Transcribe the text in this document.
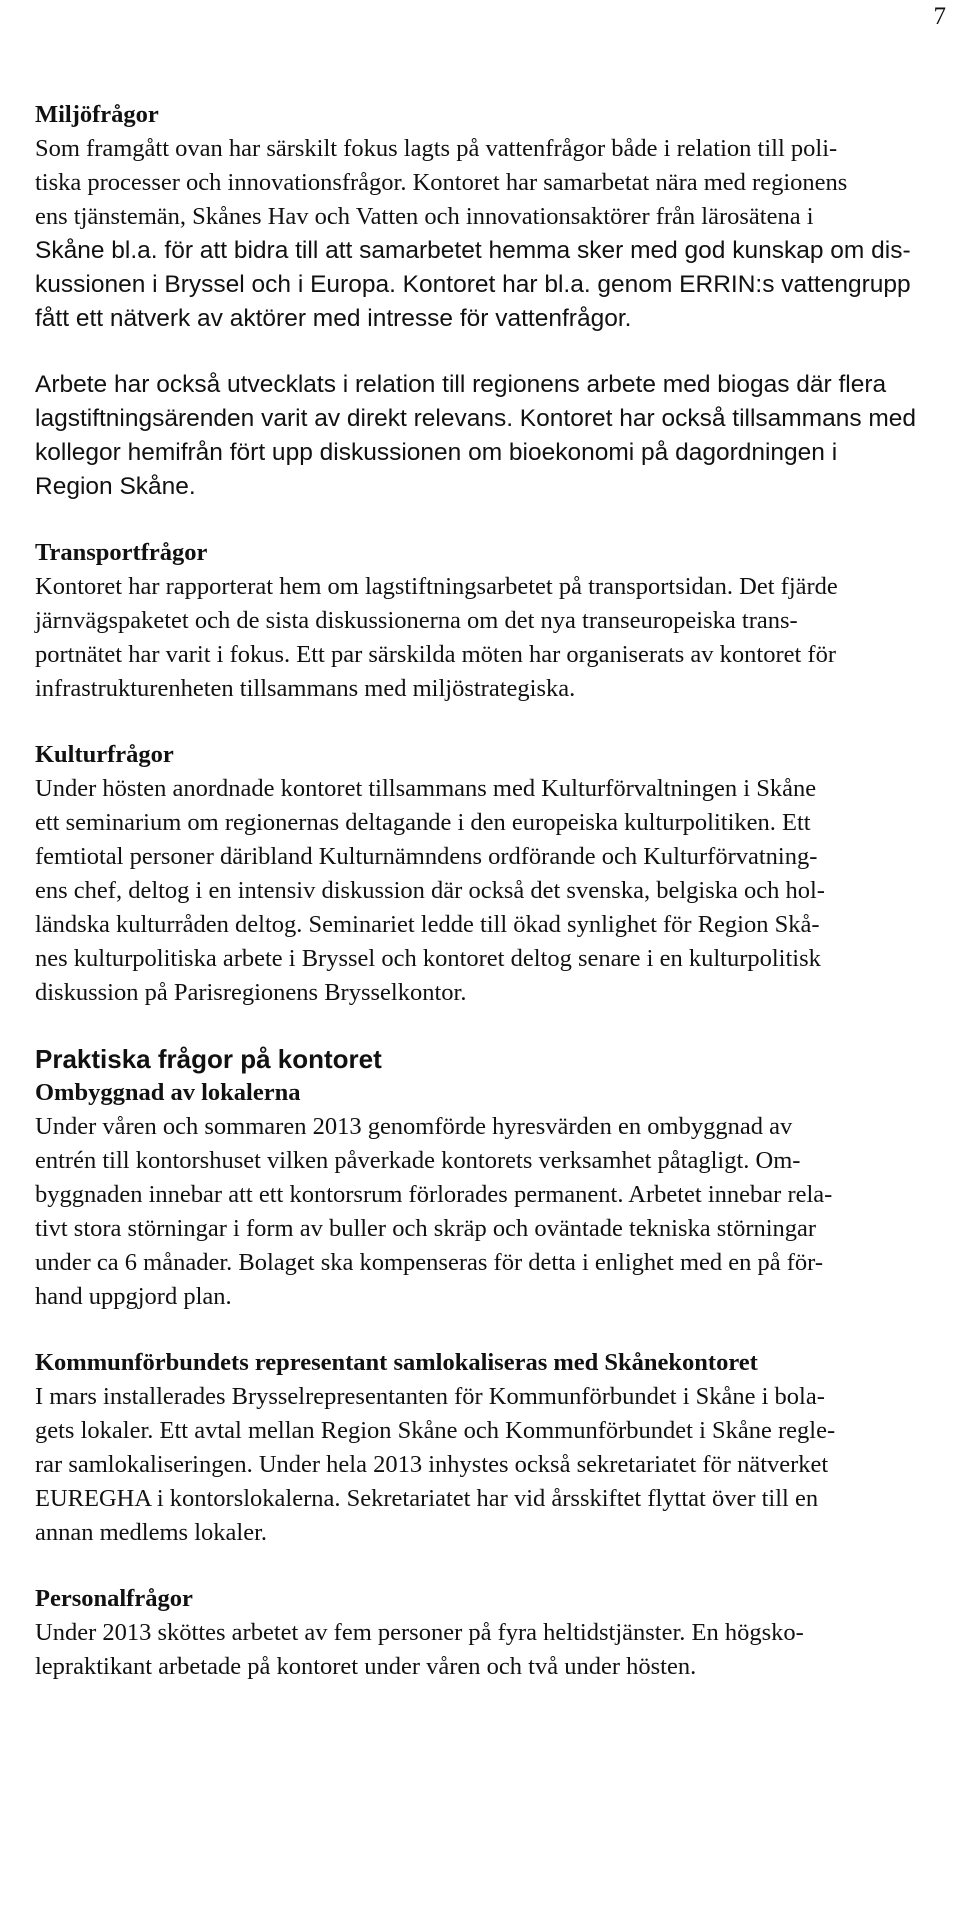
7
Miljöfrågor
Som framgått ovan har särskilt fokus lagts på vattenfrågor både i relation till poli-
tiska processer och innovationsfrågor. Kontoret har samarbetat nära med regionens
ens tjänstemän, Skånes Hav och Vatten och innovationsaktörer från lärosätena i
Skåne bl.a. för att bidra till att samarbetet hemma sker med god kunskap om dis-
kussionen i Bryssel och i Europa. Kontoret har bl.a. genom ERRIN:s vattengrupp
fått ett nätverk av aktörer med intresse för vattenfrågor.
Arbete har också utvecklats i relation till regionens arbete med biogas där flera
lagstiftningsärenden varit av direkt relevans. Kontoret har också tillsammans med
kollegor hemifrån fört upp diskussionen om bioekonomi på dagordningen i
Region Skåne.
Transportfrågor
Kontoret har rapporterat hem om lagstiftningsarbetet på transportsidan. Det fjärde
järnvägspaketet och de sista diskussionerna om det nya transeuropeiska trans-
portnätet har varit i fokus. Ett par särskilda möten har organiserats av kontoret för
infrastrukturenheten tillsammans med miljöstrategiska.
Kulturfrågor
Under hösten anordnade kontoret tillsammans med Kulturförvaltningen i Skåne
ett seminarium om regionernas deltagande i den europeiska kulturpolitiken. Ett
femtiotal personer däribland Kulturnämndens ordförande och Kulturförvatning-
ens chef, deltog i en intensiv diskussion där också det svenska, belgiska och hol-
ländska kulturråden deltog. Seminariet ledde till ökad synlighet för Region Skå-
nes kulturpolitiska arbete i Bryssel och kontoret deltog senare i en kulturpolitisk
diskussion på Parisregionens Brysselkontor.
Praktiska frågor på kontoret
Ombyggnad av lokalerna
Under våren och sommaren 2013 genomförde hyresvärden en ombyggnad av
entrén till kontorshuset vilken påverkade kontorets verksamhet påtagligt. Om-
byggnaden innebar att ett kontorsrum förlorades permanent. Arbetet innebar rela-
tivt stora störningar i form av buller och skräp och oväntade tekniska störningar
under ca 6 månader. Bolaget ska kompenseras för detta i enlighet med en på för-
hand uppgjord plan.
Kommunförbundets representant samlokaliseras med Skånekontoret
I mars installerades Brysselrepresentanten för Kommunförbundet i Skåne i bola-
gets lokaler. Ett avtal mellan Region Skåne och Kommunförbundet i Skåne regle-
rar samlokaliseringen. Under hela 2013 inhystes också sekretariatet för nätverket
EUREGHA i kontorslokalerna. Sekretariatet har vid årsskiftet flyttat över till en
annan medlems lokaler.
Personalfrågor
Under 2013 sköttes arbetet av fem personer på fyra heltidstjänster. En högsko-
lepraktikant arbetade på kontoret under våren och två under hösten.
